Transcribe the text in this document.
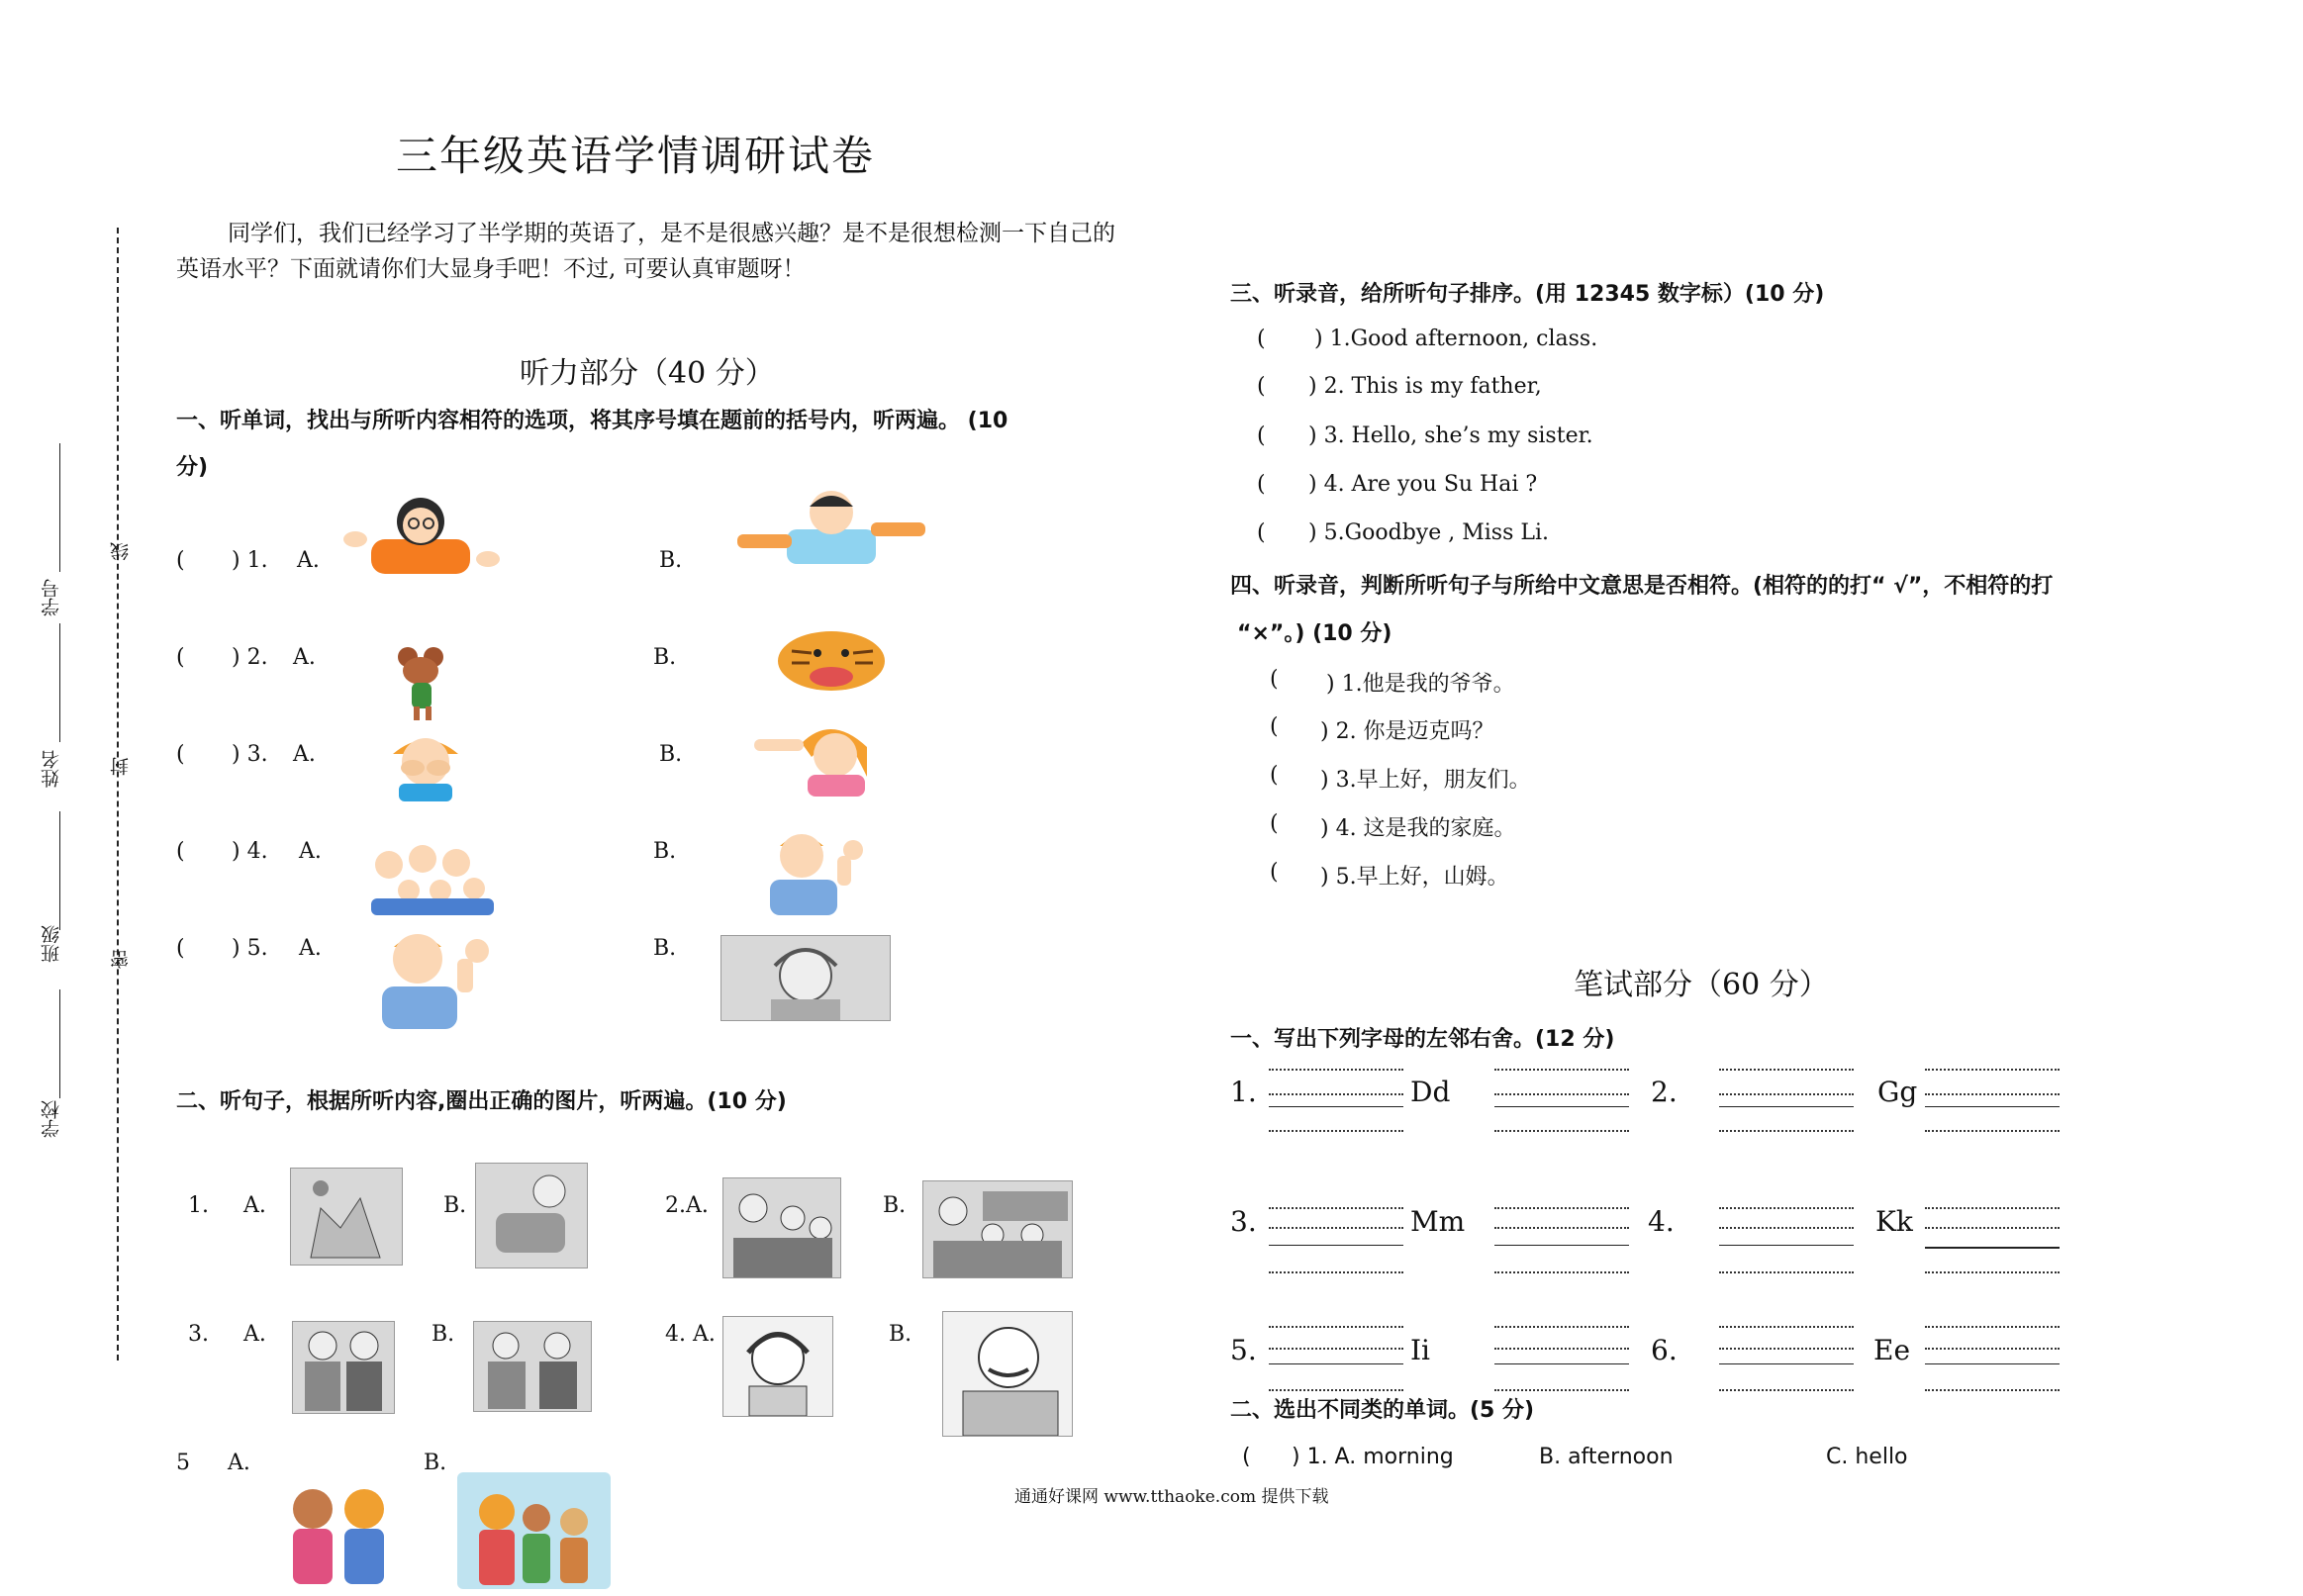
三年级英语学情调研试卷
同学们，我们已经学习了半学期的英语了，是不是很感兴趣？是不是很想检测一下自己的英语水平？下面就请你们大显身手吧！不过, 可要认真审题呀！
线
封
密
学号
姓名
班级
学校
听力部分（40 分）
一、听单词，找出与所听内容相符的选项，将其序号填在题前的括号内，听两遍。 (10
分)
( ) 1. A.	B.
( ) 2. A.	B.
( ) 3. A.	B.
( ) 4. A.	B.
( ) 5. A.	B.
二、听句子，根据所听内容,圈出正确的图片，听两遍。(10 分)
1. A.	B.	2.A.	B.
3. A.	B.	4. A.	B.
5 A.	B.
三、听录音，给所听句子排序。(用 12345 数字标）(10 分)
( ) 1.Good afternoon, class.
( ) 2. This is my father,
( ) 3. Hello, she’s my sister.
( ) 4. Are you Su Hai ?
( ) 5.Goodbye , Miss Li.
四、听录音，判断所听句子与所给中文意思是否相符。(相符的的打“ √”，不相符的打
“×”。) (10 分)
( ) 1.他是我的爷爷。
( ) 2. 你是迈克吗？
( ) 3.早上好，朋友们。
( ) 4. 这是我的家庭。
( ) 5.早上好，山姆。
笔试部分（60 分）
一、写出下列字母的左邻右舍。(12 分)
1.	Dd	2.	Gg
3.	Mm	4.	Kk
5.	Ii	6.	Ee
二、选出不同类的单词。(5 分)
( ) 1. A. morning	B. afternoon	C. hello
通通好课网 www.tthaoke.com 提供下载
